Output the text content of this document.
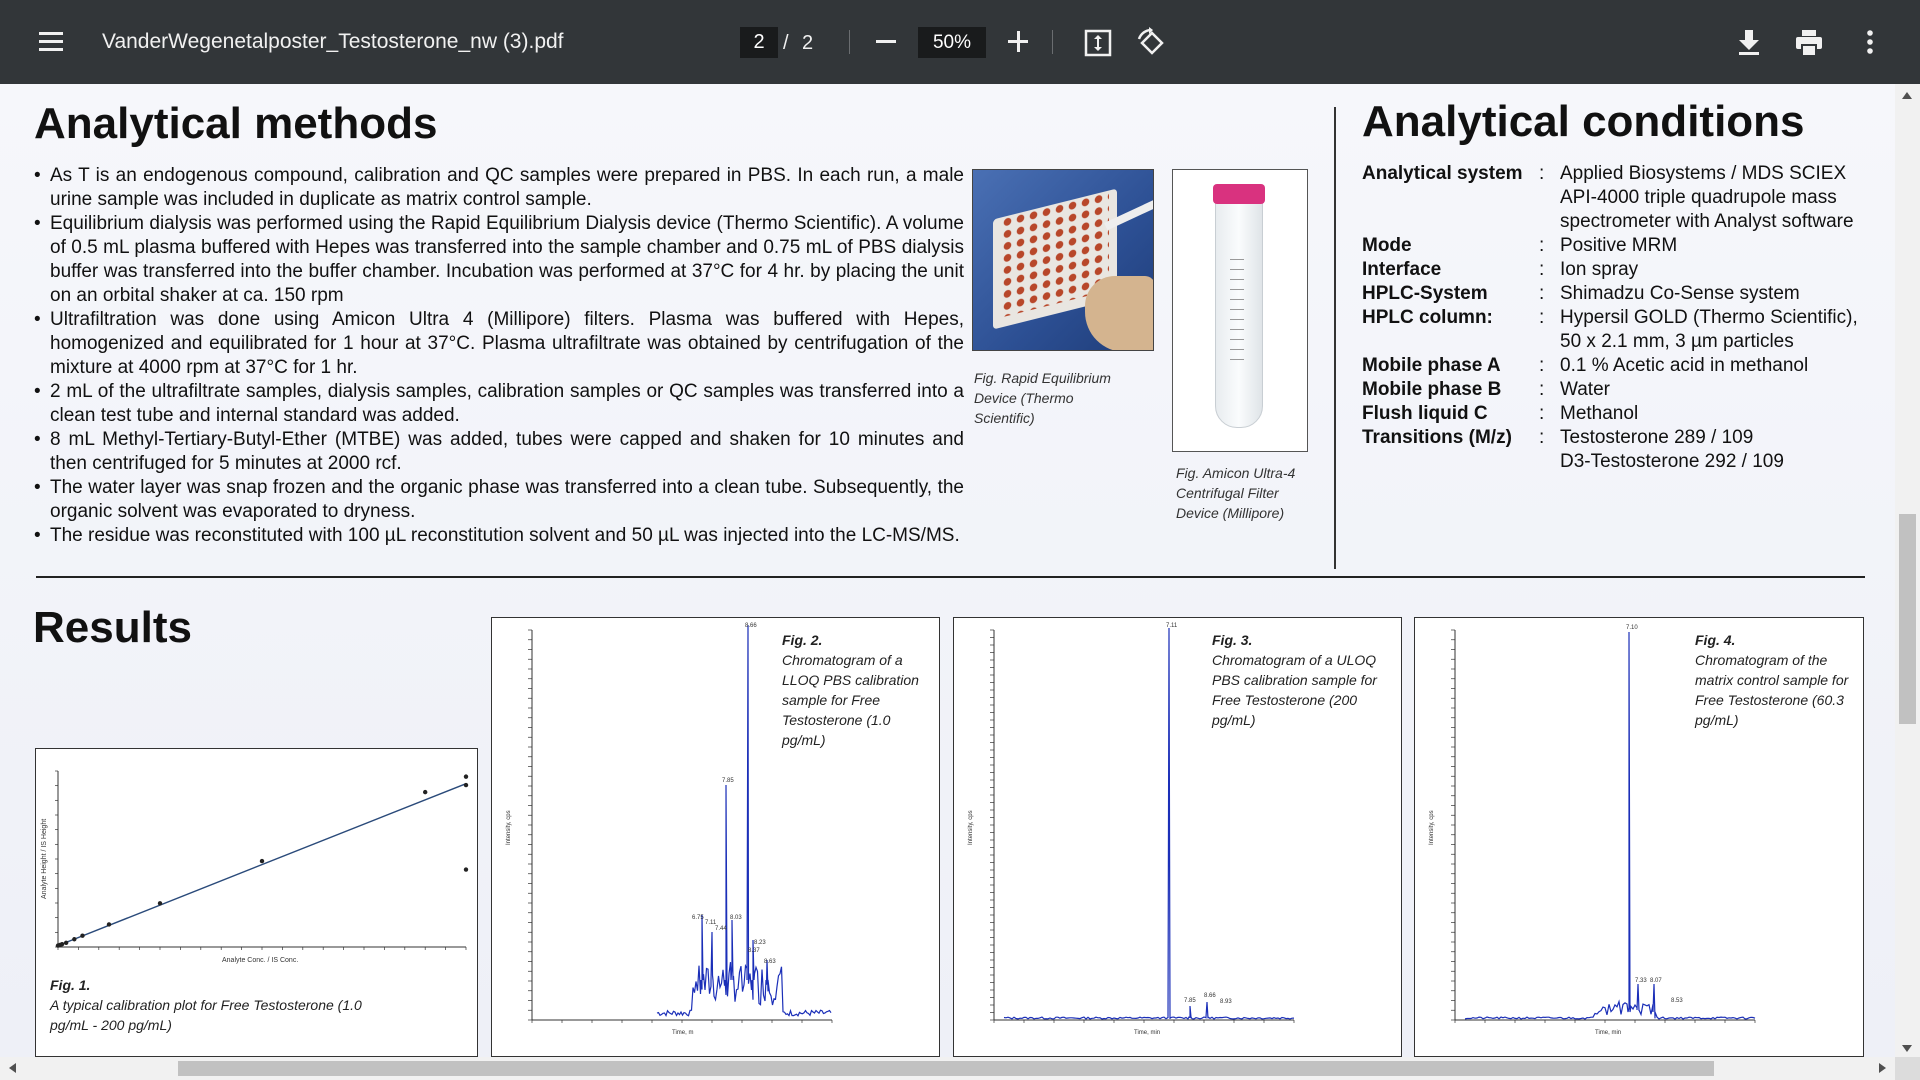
VanderWegenetalposter_Testosterone_nw (3).pdf	2 / 2	50%
Analytical methods
• As T is an endogenous compound, calibration and QC samples were prepared in PBS. In each run, a male urine sample was included in duplicate as matrix control sample.
• Equilibrium dialysis was performed using the Rapid Equilibrium Dialysis device (Thermo Scientific). A volume of 0.5 mL plasma buffered with Hepes was transferred into the sample chamber and 0.75 mL of PBS dialysis buffer was transferred into the buffer chamber. Incubation was performed at 37°C for 4 hr. by placing the unit on an orbital shaker at ca. 150 rpm
• Ultrafiltration was done using Amicon Ultra 4 (Millipore) filters. Plasma was buffered with Hepes, homogenized and equilibrated for 1 hour at 37°C. Plasma ultrafiltrate was obtained by centrifugation of the mixture at 4000 rpm at 37°C for 1 hr.
• 2 mL of the ultrafiltrate samples, dialysis samples, calibration samples or QC samples was transferred into a clean test tube and internal standard was added.
• 8 mL Methyl-Tertiary-Butyl-Ether (MTBE) was added, tubes were capped and shaken for 10 minutes and then centrifuged for 5 minutes at 2000 rcf.
• The water layer was snap frozen and the organic phase was transferred into a clean tube. Subsequently, the organic solvent was evaporated to dryness.
• The residue was reconstituted with 100 µL reconstitution solvent and 50 µL was injected into the LC-MS/MS.
Fig. Rapid Equilibrium Device (Thermo Scientific)
Fig. Amicon Ultra-4 Centrifugal Filter Device (Millipore)
Analytical conditions
Analytical system : Applied Biosystems / MDS SCIEX API-4000 triple quadrupole mass spectrometer with Analyst software
Mode	: Positive MRM
Interface	: Ion spray
HPLC-System	: Shimadzu Co-Sense system
HPLC column:	: Hypersil GOLD (Thermo Scientific), 50 x 2.1 mm, 3 µm particles
Mobile phase A	: 0.1 % Acetic acid in methanol
Mobile phase B	: Water
Flush liquid C	: Methanol
Transitions (M/z)	: Testosterone 289 / 109
D3-Testosterone 292 / 109
Results
Analyte Conc. / IS Conc.
Analyte Height / IS Height
Fig. 1.
A typical calibration plot for Free Testosterone (1.0 pg/mL - 200 pg/mL)
8.66
7.85
6.75
7.11
7.44
8.03
8.37
8.23
8.63
Time, m
Intensity, cps
Fig. 2.
Chromatogram of a LLOQ PBS calibration sample for Free Testosterone (1.0 pg/mL)
7.11
7.85
8.66
8.93
Time, min
Intensity, cps
Fig. 3.
Chromatogram of a ULOQ PBS calibration sample for Free Testosterone (200 pg/mL)
7.10
7.33 8.07
8.53
Time, min
Intensity, cps
Fig. 4.
Chromatogram of the matrix control sample for Free Testosterone (60.3 pg/mL)
